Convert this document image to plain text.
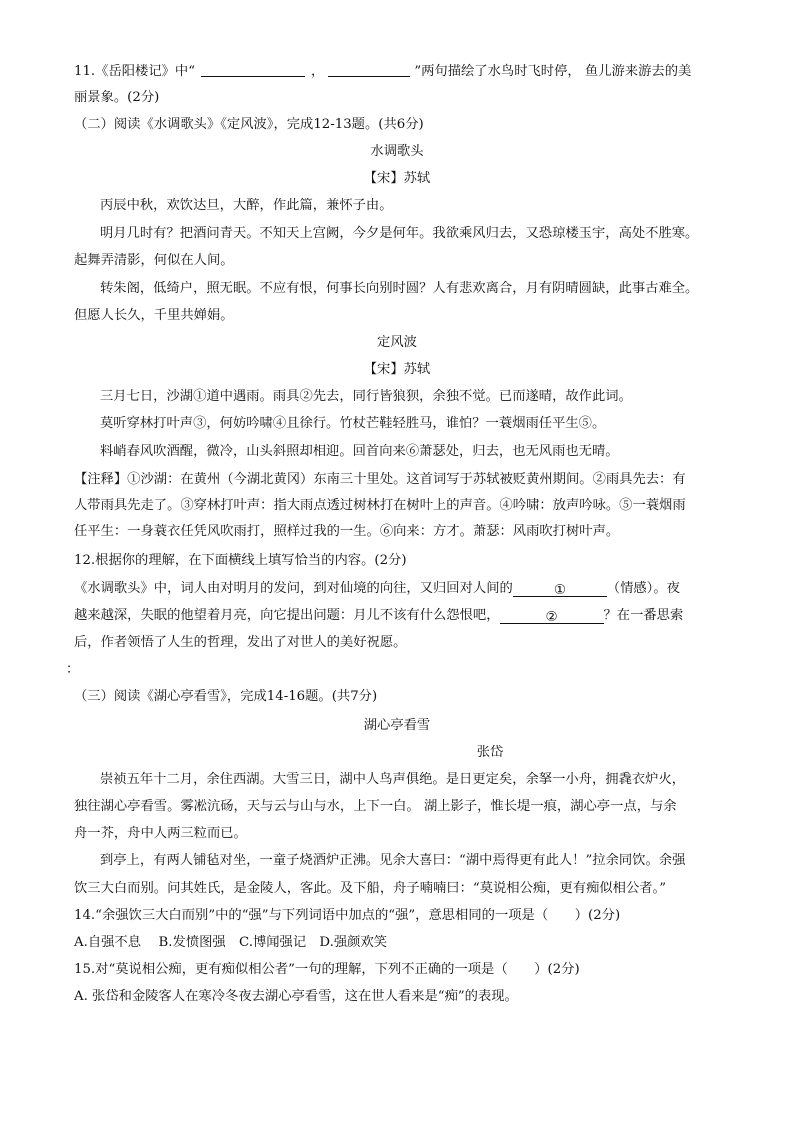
11.《岳阳楼记》中“	，	”两句描绘了水鸟时飞时停， 鱼儿游来游去的美
丽景象。(2分)
（二）阅读《水调歌头》《定风波》，完成12-13题。(共6分)
水调歌头
【宋】苏轼
丙辰中秋，欢饮达旦，大醉，作此篇，兼怀子由。
明月几时有？把酒问青天。不知天上宫阙，今夕是何年。我欲乘风归去，又恐琼楼玉宇，高处不胜寒。
起舞弄清影，何似在人间。
转朱阁，低绮户，照无眠。不应有恨，何事长向别时圆？人有悲欢离合，月有阴晴圆缺，此事古难全。
但愿人长久，千里共婵娟。
定风波
【宋】苏轼
三月七日，沙湖①道中遇雨。雨具②先去，同行皆狼狈，余独不觉。已而遂晴，故作此词。
莫听穿林打叶声③，何妨吟啸④且徐行。竹杖芒鞋轻胜马，谁怕？一蓑烟雨任平生⑤。
料峭春风吹酒醒，微冷，山头斜照却相迎。回首向来⑥萧瑟处，归去，也无风雨也无晴。
【注释】①沙湖：在黄州（今湖北黄冈）东南三十里处。这首词写于苏轼被贬黄州期间。②雨具先去：有
人带雨具先走了。③穿林打叶声：指大雨点透过树林打在树叶上的声音。④吟啸：放声吟咏。⑤一蓑烟雨
任平生：一身蓑衣任凭风吹雨打，照样过我的一生。⑥向来：方才。萧瑟：风雨吹打树叶声。
12.根据你的理解，在下面横线上填写恰当的内容。(2分)
《水调歌头》中，词人由对明月的发问，到对仙境的向往，又归回对人间的	①	（情感）。夜
越来越深，失眠的他望着月亮，向它提出问题：月儿不该有什么怨恨吧，	②	？在一番思索
后，作者领悟了人生的哲理，发出了对世人的美好祝愿。
：
（三）阅读《湖心亭看雪》，完成14-16题。(共7分)
湖心亭看雪
张岱
崇祯五年十二月，余住西湖。大雪三日，湖中人鸟声俱绝。是日更定矣，余拏一小舟，拥毳衣炉火，
独往湖心亭看雪。雾凇沆砀，天与云与山与水，上下一白。 湖上影子，惟长堤一痕，湖心亭一点，与余
舟一芥，舟中人两三粒而已。
到亭上，有两人铺毡对坐，一童子烧酒炉正沸。见余大喜曰：“湖中焉得更有此人！”拉余同饮。余强
饮三大白而别。问其姓氏，是金陵人，客此。及下船，舟子喃喃曰：“莫说相公痴，更有痴似相公者。”
14.“余强饮三大白而别”中的“强”与下列词语中加点的“强”，意思相同的一项是（　　）(2分)
A.自强不息　 B.发愤图强　C.博闻强记　D.强颜欢笑
15.对“莫说相公痴，更有痴似相公者”一句的理解，下列不正确的一项是（　　）(2分)
A. 张岱和金陵客人在寒冷冬夜去湖心亭看雪，这在世人看来是“痴”的表现。
